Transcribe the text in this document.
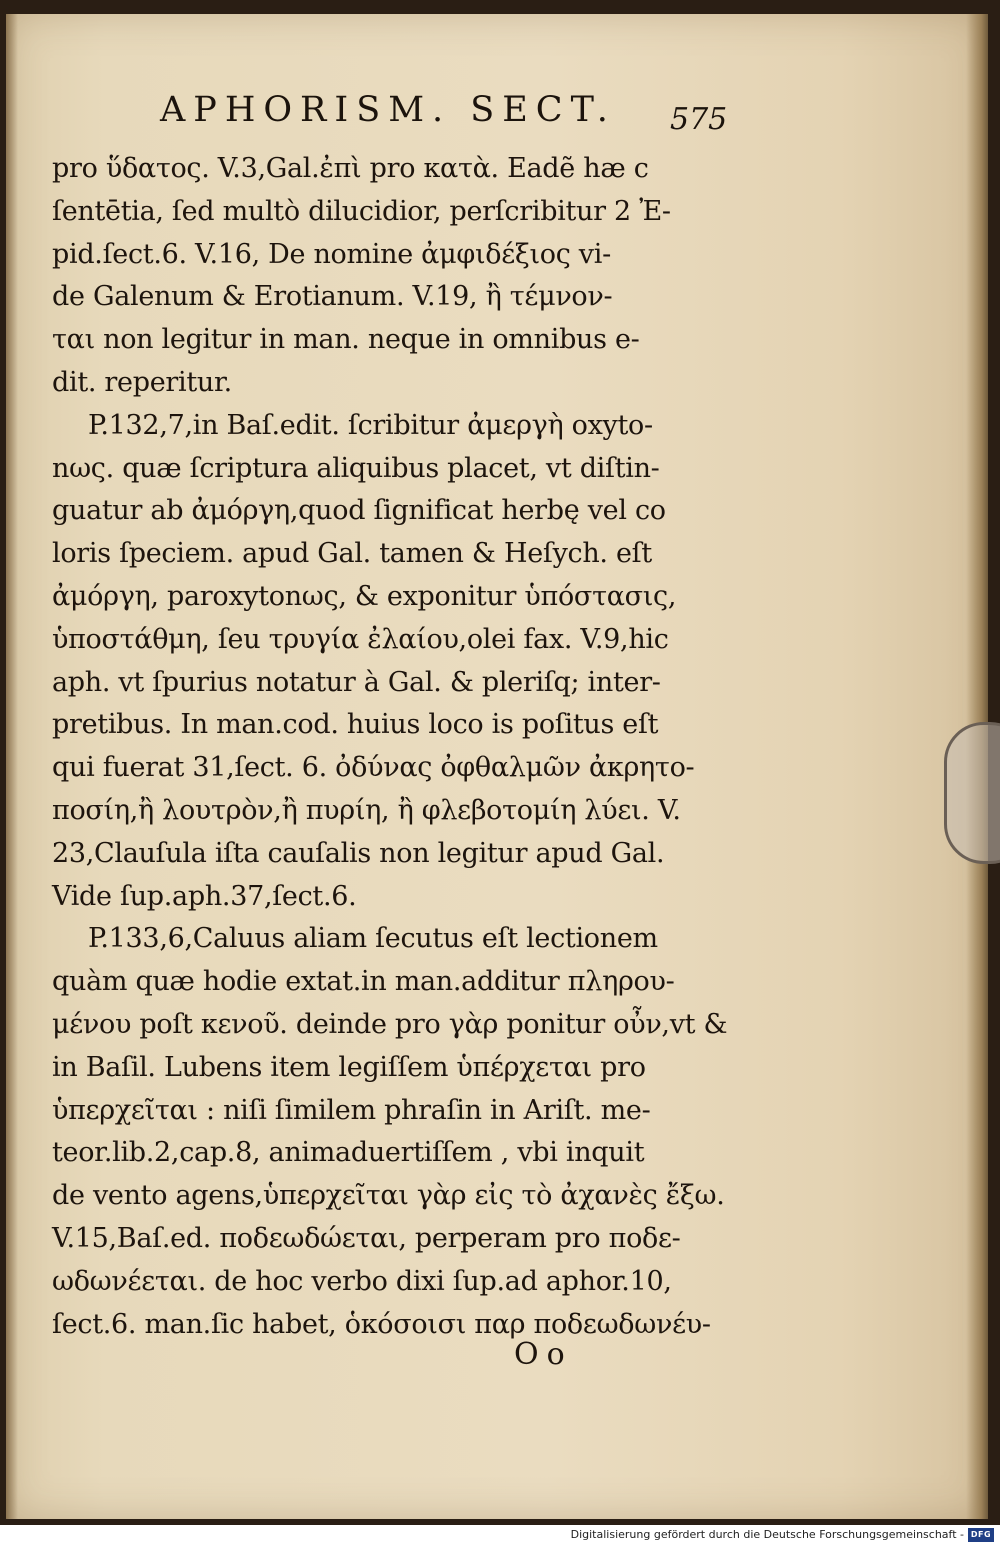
APHORISM. SECT. 575
pro ὕδατος. V.3,Gal.ἐπὶ pro κατὰ. Eadẽ hæ c
ſentētia, ſed multò dilucidior, perſcribitur 2 Ἐ-
pid.ſect.6. V.16, De nomine ἀμφιδέξιος vi-
de Galenum & Erotianum. V.19, ἢ τέμνον-
ται non legitur in man. neque in omnibus e-
dit. reperitur.
P.132,7,in Baſ.edit. ſcribitur ἀμεργὴ oxyto-
nως. quæ ſcriptura aliquibus placet, vt diſtin-
guatur ab ἀμόργη,quod ſignificat herbę vel co
loris ſpeciem. apud Gal. tamen & Heſych. eſt
ἀμόργη, paroxytonως, & exponitur ὑπόστασις,
ὑποστάθμη, ſeu τρυγία ἐλαίου,olei fax. V.9,hic
aph. vt ſpurius notatur à Gal. & pleriſq; inter-
pretibus. In man.cod. huius loco is poſitus eſt
qui fuerat 31,ſect. 6. ὀδύνας ὀφθαλμῶν ἀκρητο-
ποσίη,ἢ λουτρὸν,ἢ πυρίη, ἢ φλεβοτομίη λύει. V.
23,Clauſula iſta cauſalis non legitur apud Gal.
Vide ſup.aph.37,ſect.6.
P.133,6,Caluus aliam ſecutus eſt lectionem
quàm quæ hodie extat.in man.additur πληρου-
μένου poſt κενοῦ. deinde pro γὰρ ponitur οὖν,vt &
in Baſil. Lubens item legiſſem ὑπέρχεται pro
ὑπερχεῖται : niſi ſimilem phraſin in Ariſt. me-
teor.lib.2,cap.8, animaduertiſſem , vbi inquit
de vento agens,ὑπερχεῖται γὰρ εἰς τὸ ἀχανὲς ἔξω.
V.15,Baſ.ed. ποδεωδώεται, perperam pro ποδε-
ωδωνέεται. de hoc verbo dixi ſup.ad aphor.10,
ſect.6. man.ſic habet, ὁκόσοισι παρ ποδεωδωνέυ-
Oo
Digitalisierung gefördert durch die Deutsche Forschungsgemeinschaft - DFG
